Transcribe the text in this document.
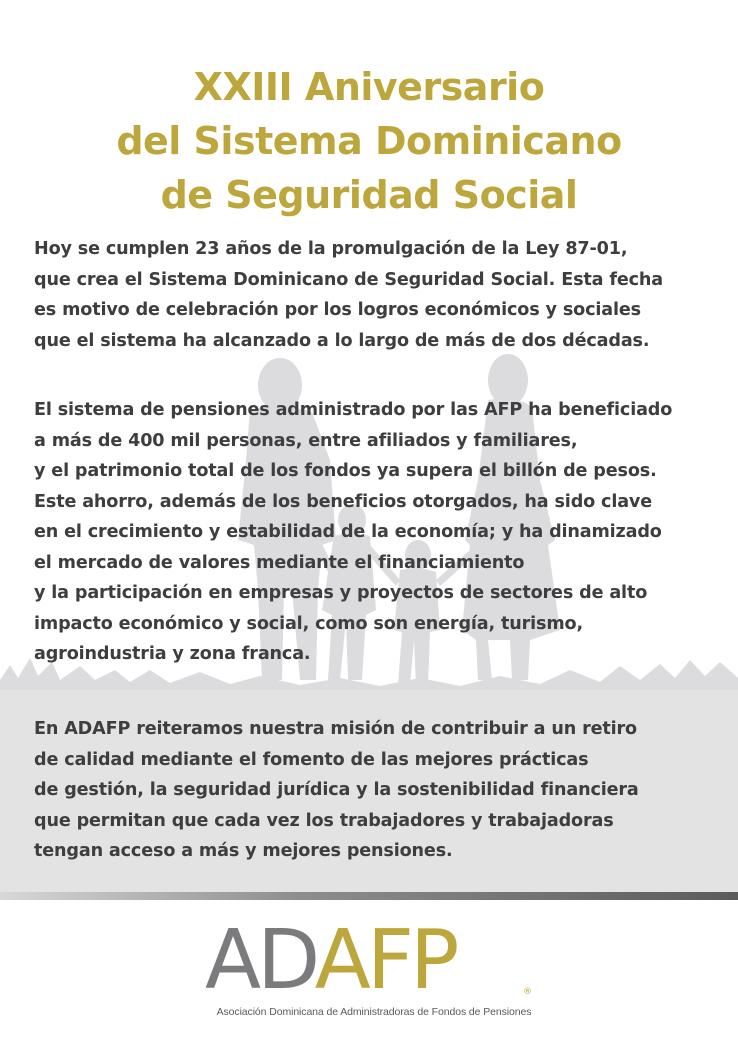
XXIII Aniversario
del Sistema Dominicano
de Seguridad Social

Hoy se cumplen 23 años de la promulgación de la Ley 87-01,
que crea el Sistema Dominicano de Seguridad Social. Esta fecha
es motivo de celebración por los logros económicos y sociales
que el sistema ha alcanzado a lo largo de más de dos décadas.

El sistema de pensiones administrado por las AFP ha beneficiado
a más de 400 mil personas, entre afiliados y familiares,
y el patrimonio total de los fondos ya supera el billón de pesos.
Este ahorro, además de los beneficios otorgados, ha sido clave
en el crecimiento y estabilidad de la economía; y ha dinamizado
el mercado de valores mediante el financiamiento
y la participación en empresas y proyectos de sectores de alto
impacto económico y social, como son energía, turismo,
agroindustria y zona franca.

En ADAFP reiteramos nuestra misión de contribuir a un retiro
de calidad mediante el fomento de las mejores prácticas
de gestión, la seguridad jurídica y la sostenibilidad financiera
que permitan que cada vez los trabajadores y trabajadoras
tengan acceso a más y mejores pensiones.

ADAFP	®
Asociación Dominicana de Administradoras de Fondos de Pensiones
